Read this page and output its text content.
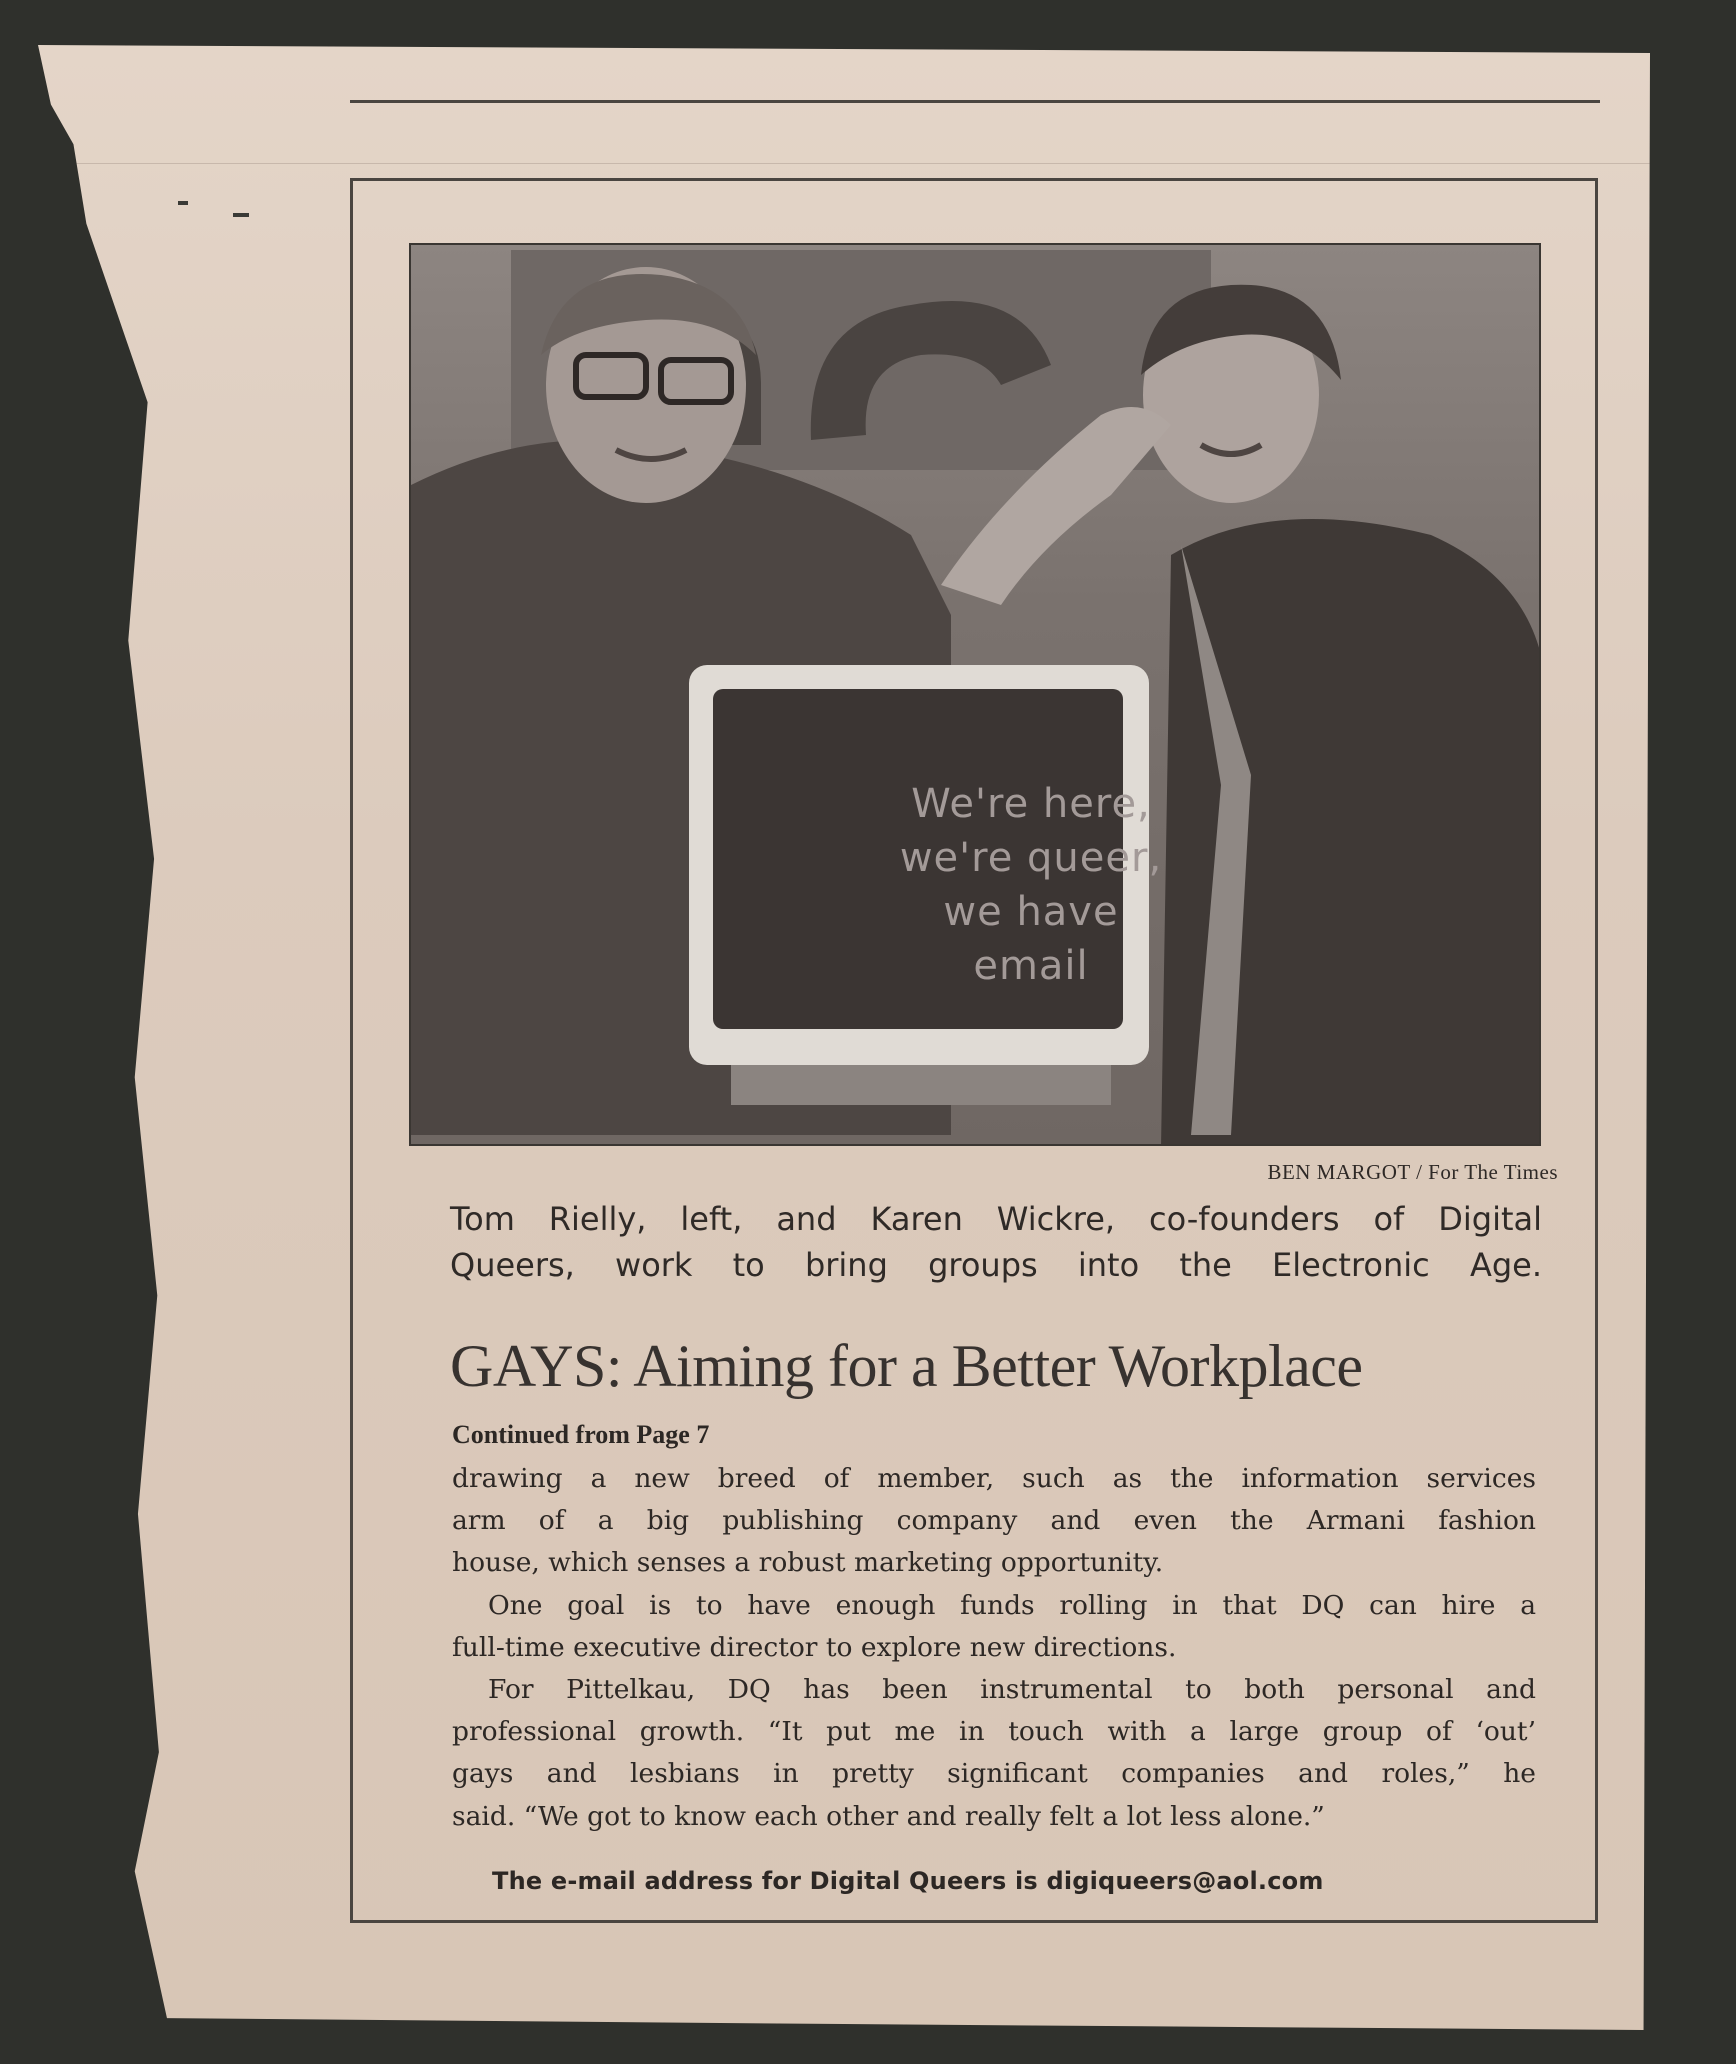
We're here,
we're queer,
we have
email
BEN MARGOT / For The Times
Tom Rielly, left, and Karen Wickre, co-founders of Digital
Queers, work to bring groups into the Electronic Age.
GAYS: Aiming for a Better Workplace
Continued from Page 7
drawing a new breed of member, such as the information services
arm of a big publishing company and even the Armani fashion
house, which senses a robust marketing opportunity.
One goal is to have enough funds rolling in that DQ can hire a
full-time executive director to explore new directions.
For Pittelkau, DQ has been instrumental to both personal and
professional growth. “It put me in touch with a large group of ‘out’
gays and lesbians in pretty significant companies and roles,” he
said. “We got to know each other and really felt a lot less alone.”
The e-mail address for Digital Queers is digiqueers@aol.com
